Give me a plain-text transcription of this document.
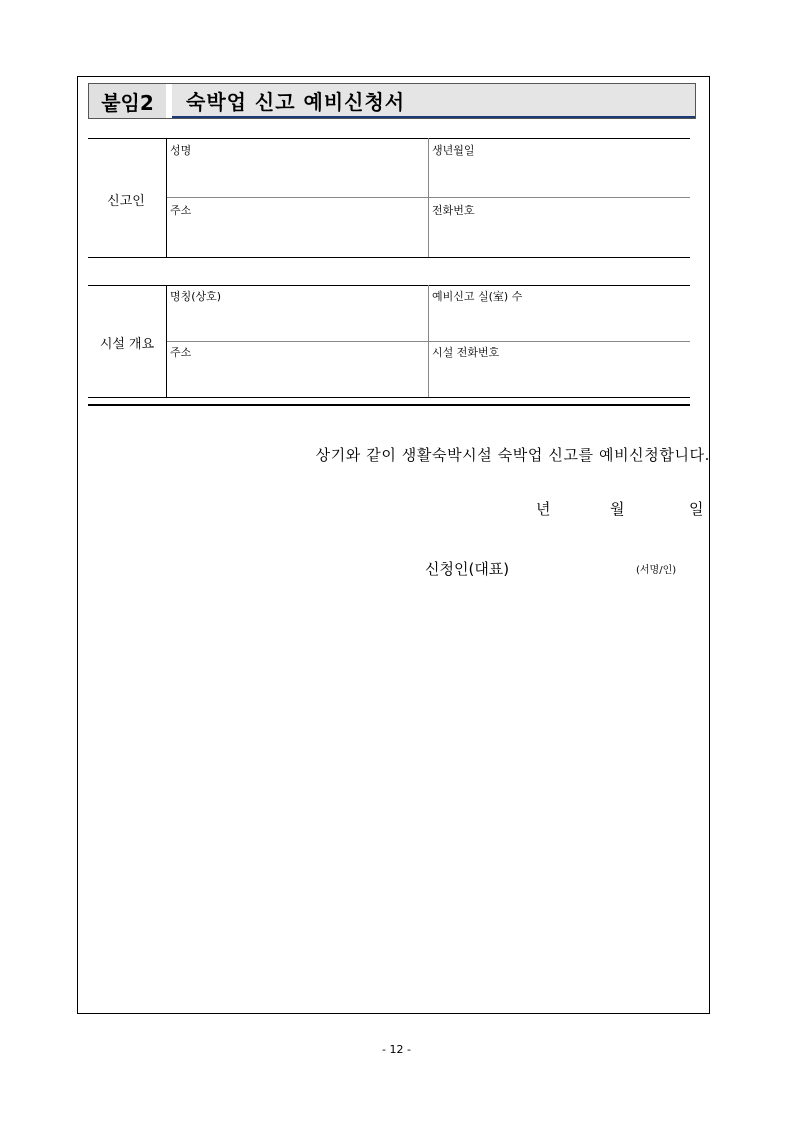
붙임2	숙박업 신고 예비신청서
신고인
성명	생년월일
주소	전화번호
시설 개요
명칭(상호)	예비신고 실(室) 수
주소	시설 전화번호
상기와 같이 생활숙박시설 숙박업 신고를 예비신청합니다.
년	월	일
신청인(대표)	(서명/인)
- 12 -
